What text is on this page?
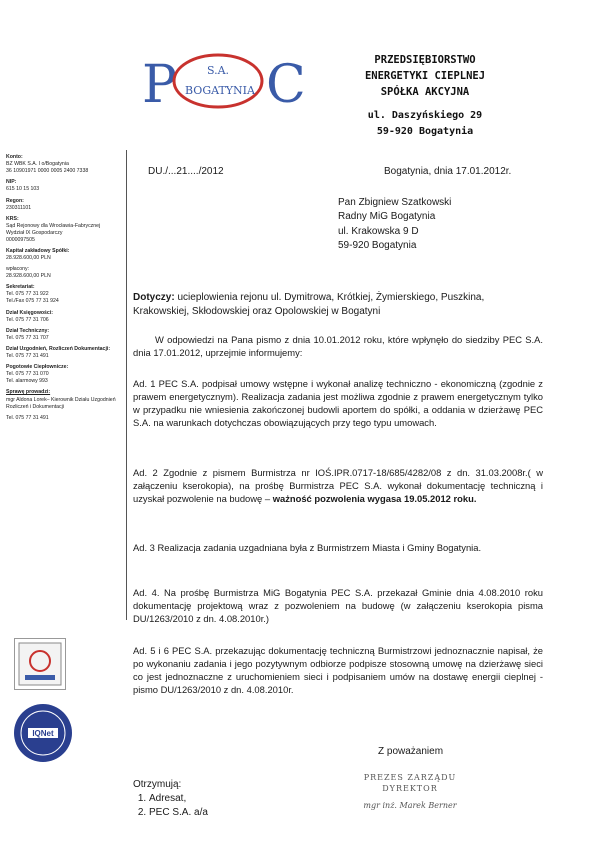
P C
S.A.
BOGATYNIA
PRZEDSIĘBIORSTWO
ENERGETYKI CIEPLNEJ
SPÓŁKA AKCYJNA
ul. Daszyńskiego 29
59-920 Bogatynia
Konto:
BZ WBK S.A. I o/Bogatynia
36 10901971 0000 0005 2400 7338
NIP:
615 10 15 103
Regon:
230311101
KRS:
Sąd Rejonowy dla Wrocławia-Fabrycznej
Wydział IX Gospodarczy
0000097505
Kapitał zakładowy Spółki:
28.928.600,00 PLN
wpłacony:
28.928.600,00 PLN
Sekretariat:
Tel. 075 77 31 922
Tel./Fax 075 77 31 924
Dział Księgowości:
Tel. 075 77 31 706
Dział Techniczny:
Tel. 075 77 31 707
Dział Uzgodnień, Rozliczeń Dokumentacji:
Tel. 075 77 31 491
Pogotowie Ciepłownicze:
Tel. 075 77 31 070
Tel. alarmowy 993
Sprawę prowadzi:
mgr Aldona Lorek– Kierownik Działu Uzgodnień Rozliczeń i Dokumentacji
Tel. 075 77 31 491
IQNet
DU./...21..../2012	Bogatynia, dnia 17.01.2012r.
Pan Zbigniew Szatkowski
Radny MiG Bogatynia
ul. Krakowska 9 D
59-920 Bogatynia
Dotyczy: ucieplowienia rejonu ul. Dymitrowa, Krótkiej, Żymierskiego, Puszkina, Krakowskiej, Skłodowskiej oraz Opolowskiej w Bogatyni
W odpowiedzi na Pana pismo z dnia 10.01.2012 roku, które wpłynęło do siedziby PEC S.A. dnia 17.01.2012, uprzejmie informujemy:
Ad. 1 PEC S.A. podpisał umowy wstępne i wykonał analizę techniczno - ekonomiczną (zgodnie z prawem energetycznym). Realizacja zadania jest możliwa zgodnie z prawem energetycznym tylko w przypadku nie wniesienia zakończonej budowli aportem do spółki, a oddania w dzierżawę PEC S.A. na warunkach dotychczas obowiązujących przy tego typu umowach.
Ad. 2 Zgodnie z pismem Burmistrza nr IOŚ.IPR.0717-18/685/4282/08 z dn. 31.03.2008r.( w załączeniu kserokopia), na prośbę Burmistrza PEC S.A. wykonał dokumentację techniczną i uzyskał pozwolenie na budowę – ważność pozwolenia wygasa 19.05.2012 roku.
Ad. 3 Realizacja zadania uzgadniana była z Burmistrzem Miasta i Gminy Bogatynia.
Ad. 4. Na prośbę Burmistrza MiG Bogatynia PEC S.A. przekazał Gminie dnia 4.08.2010 roku dokumentację projektową wraz z pozwoleniem na budowę (w załączeniu kserokopia pisma DU/1263/2010 z dn. 4.08.2010r.)
Ad. 5 i 6 PEC S.A. przekazując dokumentację techniczną Burmistrzowi jednoznacznie napisał, że po wykonaniu zadania i jego pozytywnym odbiorze podpisze stosowną umowę na dzierżawę sieci co jest jednoznaczne z uruchomieniem sieci i podpisaniem umów na dostawę energii cieplnej - pismo DU/1263/2010 z dn. 4.08.2010r.
Z poważaniem
PREZES ZARZĄDU
DYREKTOR
mgr inż. Marek Berner
Otrzymują:
1. Adresat,
2. PEC S.A. a/a
